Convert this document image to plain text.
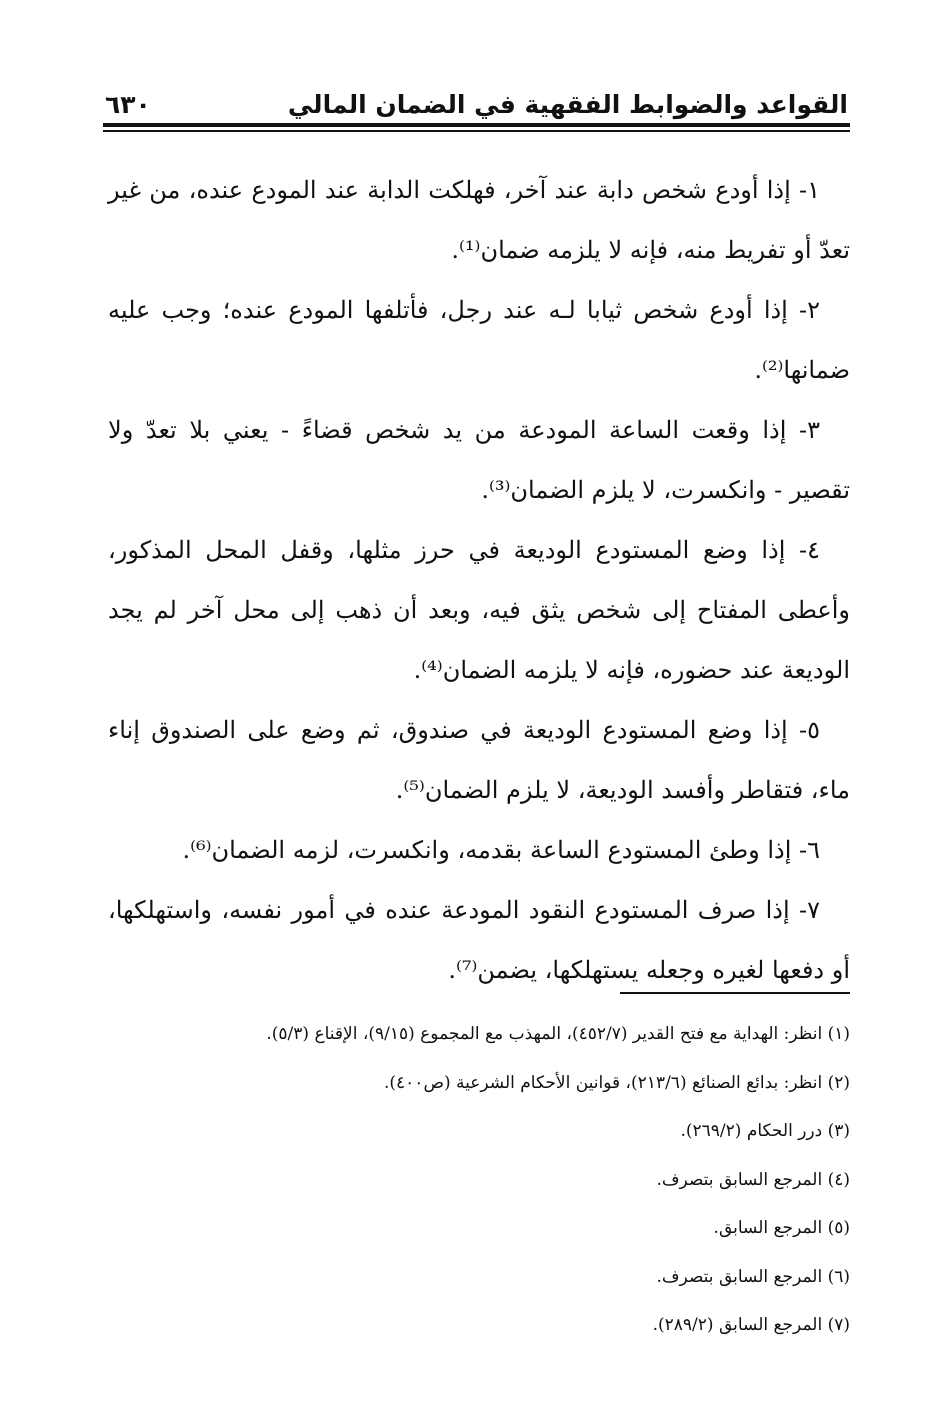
القواعد والضوابط الفقهية في الضمان المالي
٦٣٠

١- إذا أودع شخص دابة عند آخر، فهلكت الدابة عند المودع عنده، من غير تعدّ أو تفريط منه، فإنه لا يلزمه ضمان⁽¹⁾.

٢- إذا أودع شخص ثيابا لـه عند رجل، فأتلفها المودع عنده؛ وجب عليه ضمانها⁽²⁾.

٣- إذا وقعت الساعة المودعة من يد شخص قضاءً - يعني بلا تعدّ ولا تقصير - وانكسرت، لا يلزم الضمان⁽³⁾.

٤- إذا وضع المستودع الوديعة في حرز مثلها، وقفل المحل المذكور، وأعطى المفتاح إلى شخص يثق فيه، وبعد أن ذهب إلى محل آخر لم يجد الوديعة عند حضوره، فإنه لا يلزمه الضمان⁽⁴⁾.

٥- إذا وضع المستودع الوديعة في صندوق، ثم وضع على الصندوق إناء ماء، فتقاطر وأفسد الوديعة، لا يلزم الضمان⁽⁵⁾.

٦- إذا وطئ المستودع الساعة بقدمه، وانكسرت، لزمه الضمان⁽⁶⁾.

٧- إذا صرف المستودع النقود المودعة عنده في أمور نفسه، واستهلكها، أو دفعها لغيره وجعله يستهلكها، يضمن⁽⁷⁾.

(١) انظر: الهداية مع فتح القدير (٤٥٢/٧)، المهذب مع المجموع (٩/١٥)، الإقناع (٥/٣).

(٢) انظر: بدائع الصنائع (٢١٣/٦)، قوانين الأحكام الشرعية (ص٤٠٠).

(٣) درر الحكام (٢٦٩/٢).

(٤) المرجع السابق بتصرف.

(٥) المرجع السابق.

(٦) المرجع السابق بتصرف.

(٧) المرجع السابق (٢٨٩/٢).
